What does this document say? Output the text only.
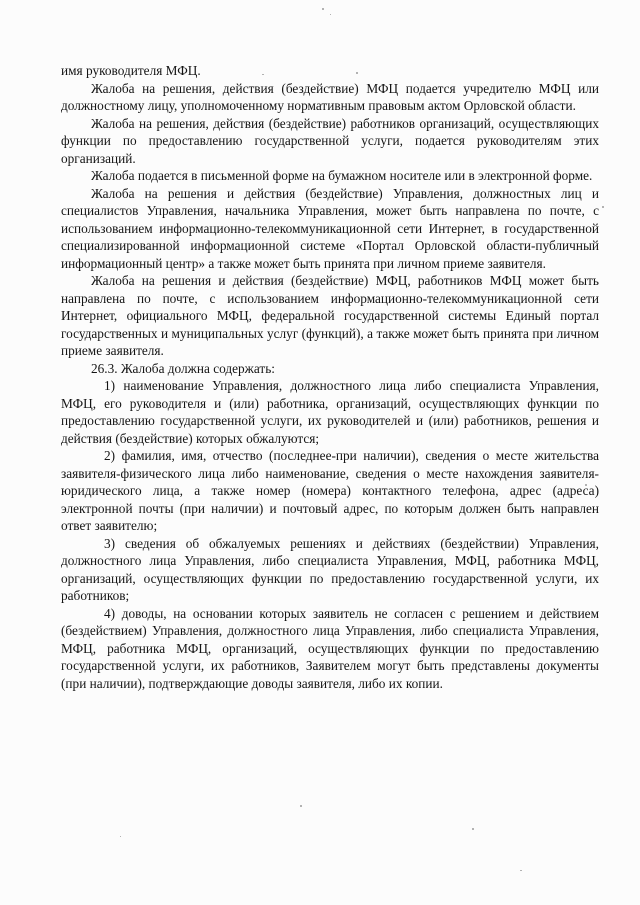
имя руководителя МФЦ.

Жалоба на решения, действия (бездействие) МФЦ подается учредителю МФЦ или должностному лицу, уполномоченному нормативным правовым актом Орловской области.

Жалоба на решения, действия (бездействие) работников организаций, осуществляющих функции по предоставлению государственной услуги, подается руководителям этих организаций.

Жалоба подается в письменной форме на бумажном носителе или в электронной форме.

Жалоба на решения и действия (бездействие) Управления, должностных лиц и специалистов Управления, начальника Управления, может быть направлена по почте, с использованием информационно-телекоммуникационной сети Интернет, в государственной специализированной информационной системе «Портал Орловской области-публичный информационный центр» а также может быть принята при личном приеме заявителя.

Жалоба на решения и действия (бездействие) МФЦ, работников МФЦ может быть направлена по почте, с использованием информационно-телекоммуникационной сети Интернет, официального МФЦ, федеральной государственной системы Единый портал государственных и муниципальных услуг (функций), а также может быть принята при личном приеме заявителя.

26.3. Жалоба должна содержать:

1) наименование Управления, должностного лица либо специалиста Управления, МФЦ, его руководителя и (или) работника, организаций, осуществляющих функции по предоставлению государственной услуги, их руководителей и (или) работников, решения и действия (бездействие) которых обжалуются;

2) фамилия, имя, отчество (последнее-при наличии), сведения о месте жительства заявителя-физического лица либо наименование, сведения о месте нахождения заявителя-юридического лица, а также номер (номера) контактного телефона, адрес (адреса) электронной почты (при наличии) и почтовый адрес, по которым должен быть направлен ответ заявителю;

3) сведения об обжалуемых решениях и действиях (бездействии) Управления, должностного лица Управления, либо специалиста Управления, МФЦ, работника МФЦ, организаций, осуществляющих функции по предоставлению государственной услуги, их работников;

4) доводы, на основании которых заявитель не согласен с решением и действием (бездействием) Управления, должностного лица Управления, либо специалиста Управления, МФЦ, работника МФЦ, организаций, осуществляющих функции по предоставлению государственной услуги, их работников, Заявителем могут быть представлены документы (при наличии), подтверждающие доводы заявителя, либо их копии.
